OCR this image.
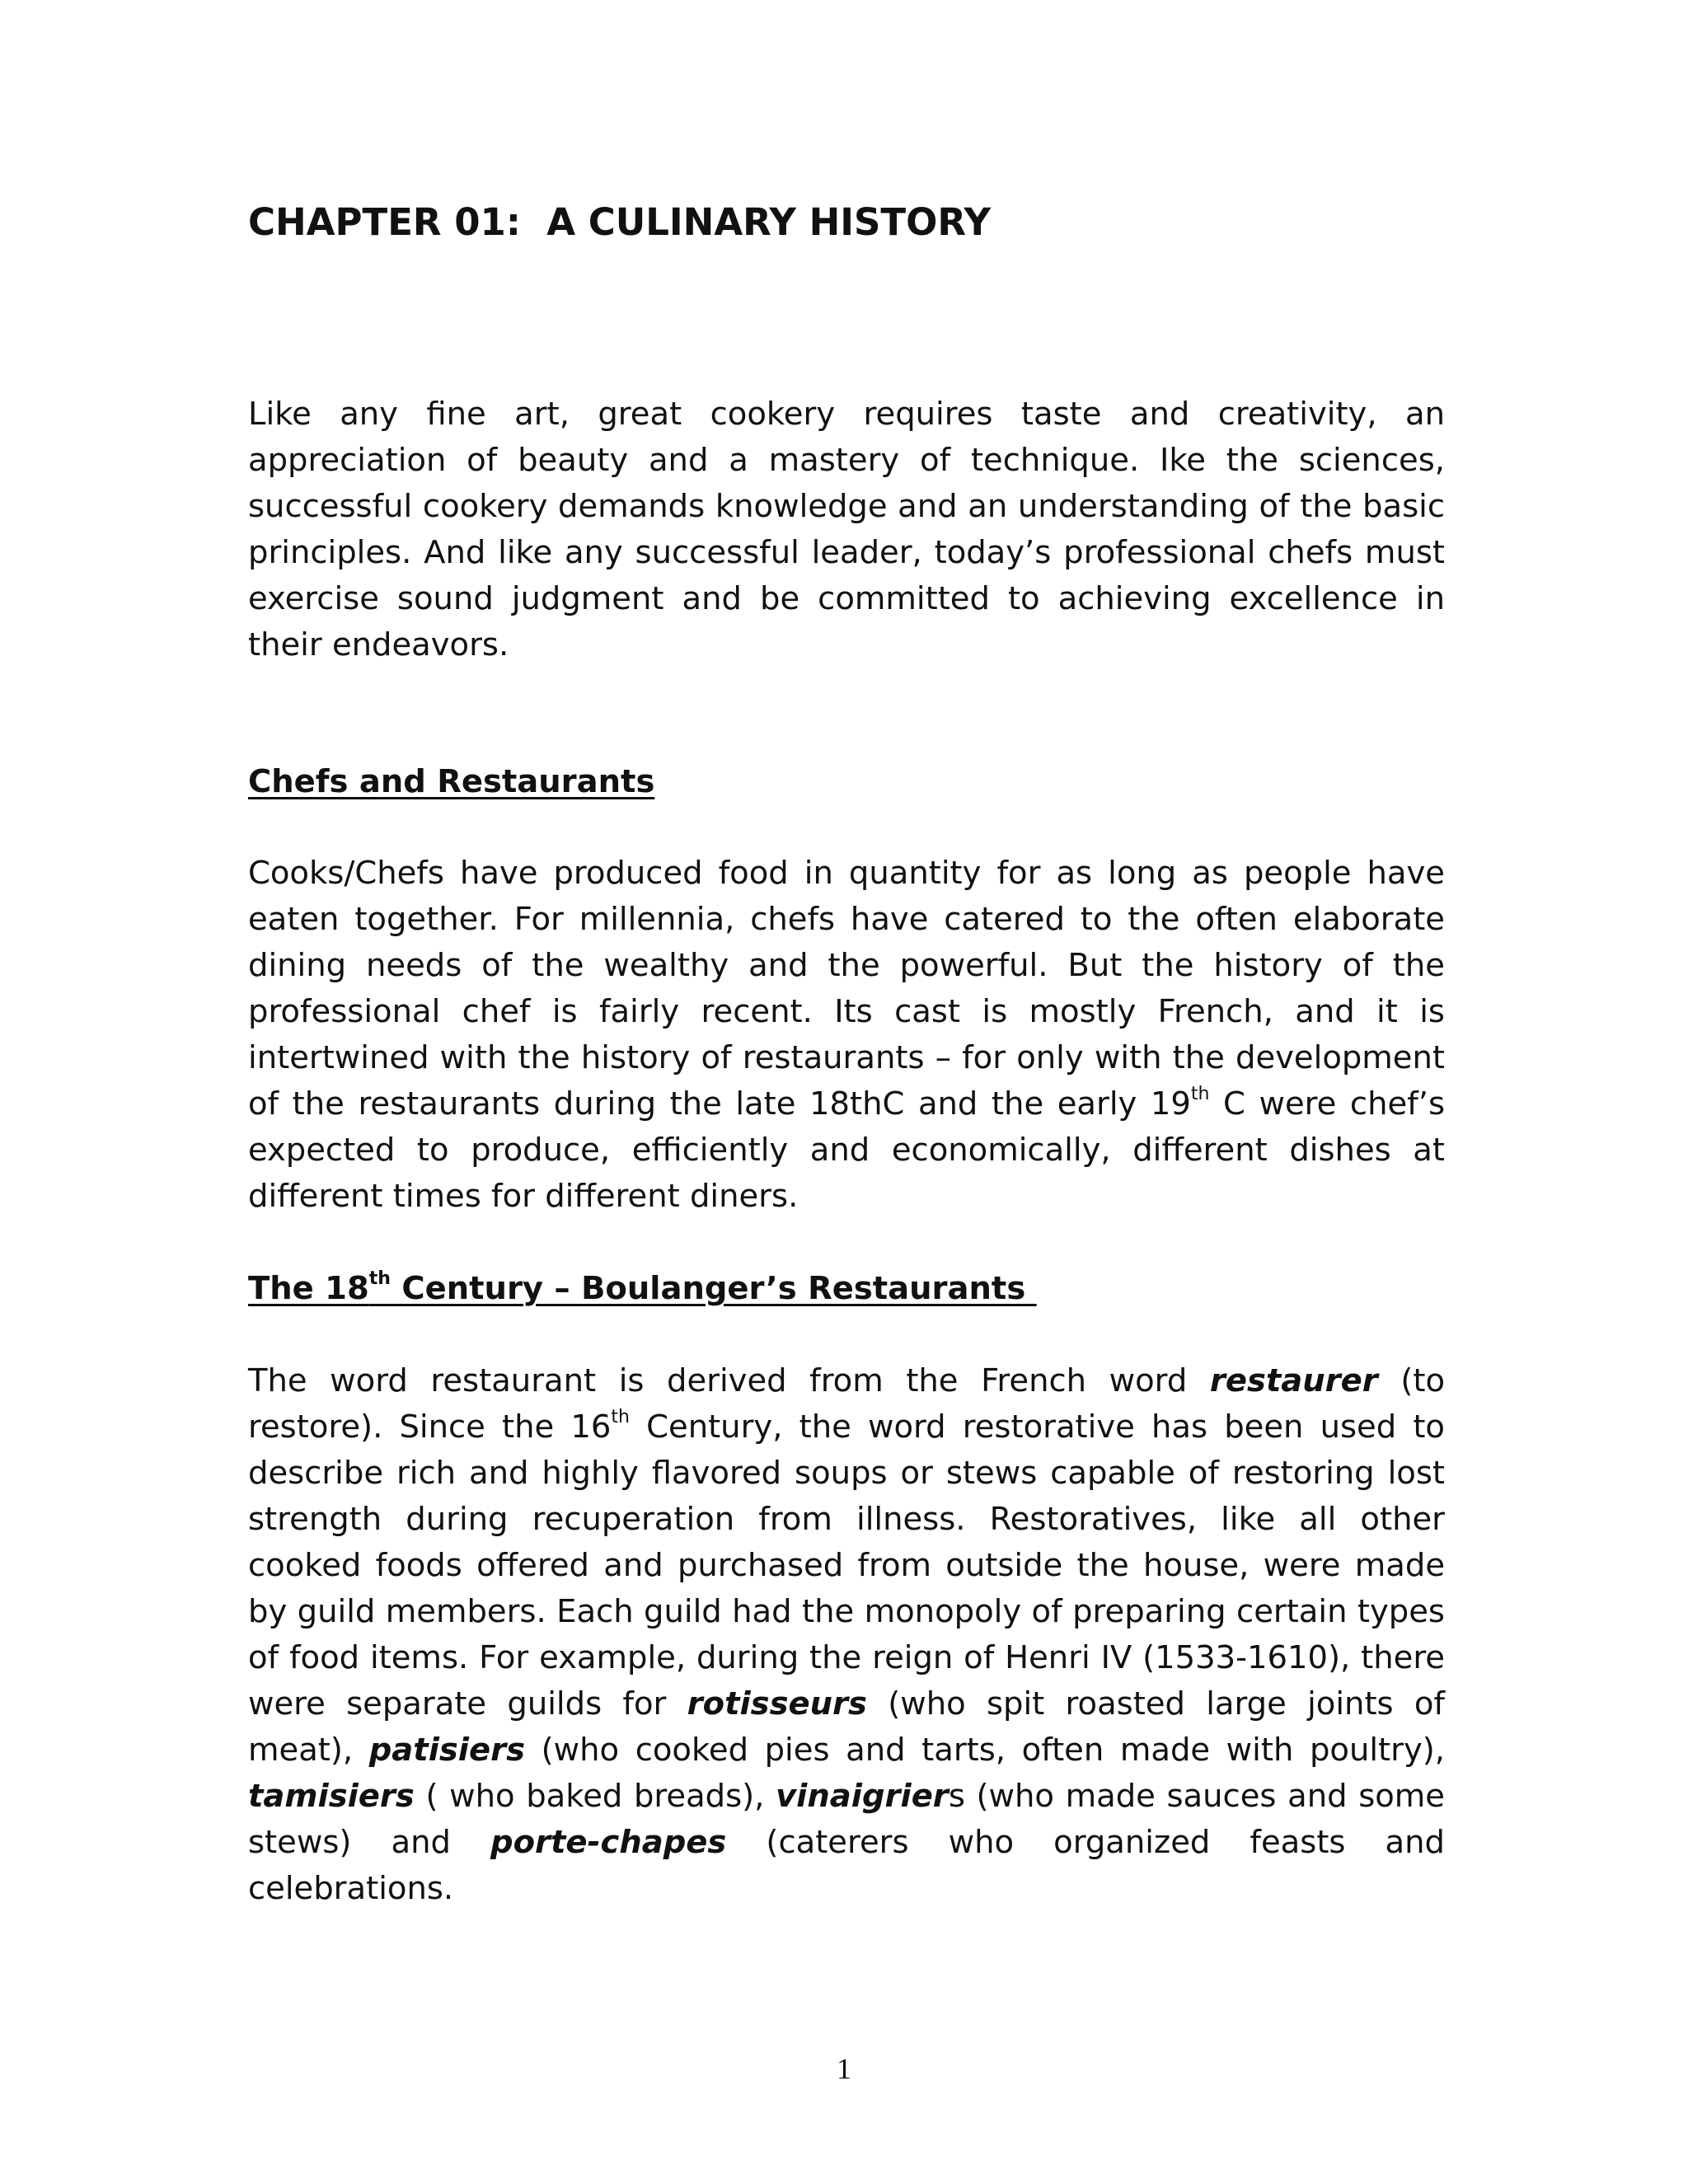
CHAPTER 01:  A CULINARY HISTORY

Like any fine art, great cookery requires taste and creativity, an appreciation of beauty and a mastery of technique. Ike the sciences, successful cookery demands knowledge and an understanding of the basic principles. And like any successful leader, today’s professional chefs must exercise sound judgment and be committed to achieving excellence in their endeavors.

Chefs and Restaurants

Cooks/Chefs have produced food in quantity for as long as people have eaten together. For millennia, chefs have catered to the often elaborate dining needs of the wealthy and the powerful. But the history of the professional chef is fairly recent. Its cast is mostly French, and it is intertwined with the history of restaurants – for only with the development of the restaurants during the late 18thC and the early 19th C were chef’s expected to produce, efficiently and economically, different dishes at different times for different diners.

The 18th Century – Boulanger’s Restaurants

The word restaurant is derived from the French word restaurer (to restore). Since the 16th Century, the word restorative has been used to describe rich and highly flavored soups or stews capable of restoring lost strength during recuperation from illness. Restoratives, like all other cooked foods offered and purchased from outside the house, were made by guild members. Each guild had the monopoly of preparing certain types of food items. For example, during the reign of Henri IV (1533-1610), there were separate guilds for rotisseurs (who spit roasted large joints of meat), patisiers (who cooked pies and tarts, often made with poultry), tamisiers ( who baked breads), vinaigriers (who made sauces and some stews) and porte-chapes (caterers who organized feasts and celebrations.

1
